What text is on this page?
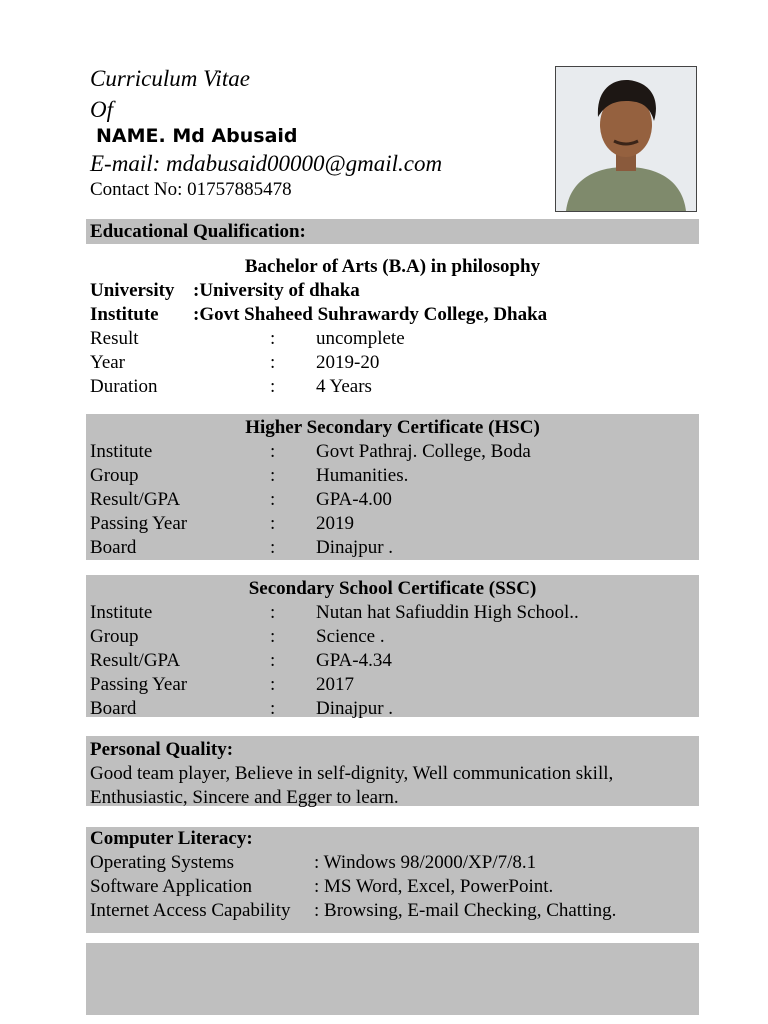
Curriculum Vitae
Of
NAME. Md Abusaid
E-mail: mdabusaid00000@gmail.com
Contact No: 01757885478
Educational Qualification:
Bachelor of Arts (B.A) in philosophy
University :University of dhaka
Institute :Govt Shaheed Suhrawardy College, Dhaka
Result	: uncomplete
Year	: 2019-20
Duration	: 4 Years
Higher Secondary Certificate (HSC)
Institute	: Govt Pathraj. College, Boda
Group	: Humanities.
Result/GPA	: GPA-4.00
Passing Year	: 2019
Board	: Dinajpur .
Secondary School Certificate (SSC)
Institute	: Nutan hat Safiuddin High School..
Group	: Science .
Result/GPA	: GPA-4.34
Passing Year	: 2017
Board	: Dinajpur .
Personal Quality:
Good team player, Believe in self-dignity, Well communication skill,
Enthusiastic, Sincere and Egger to learn.
Computer Literacy:
Operating Systems	: Windows 98/2000/XP/7/8.1
Software Application	: MS Word, Excel, PowerPoint.
Internet Access Capability : Browsing, E-mail Checking, Chatting.
